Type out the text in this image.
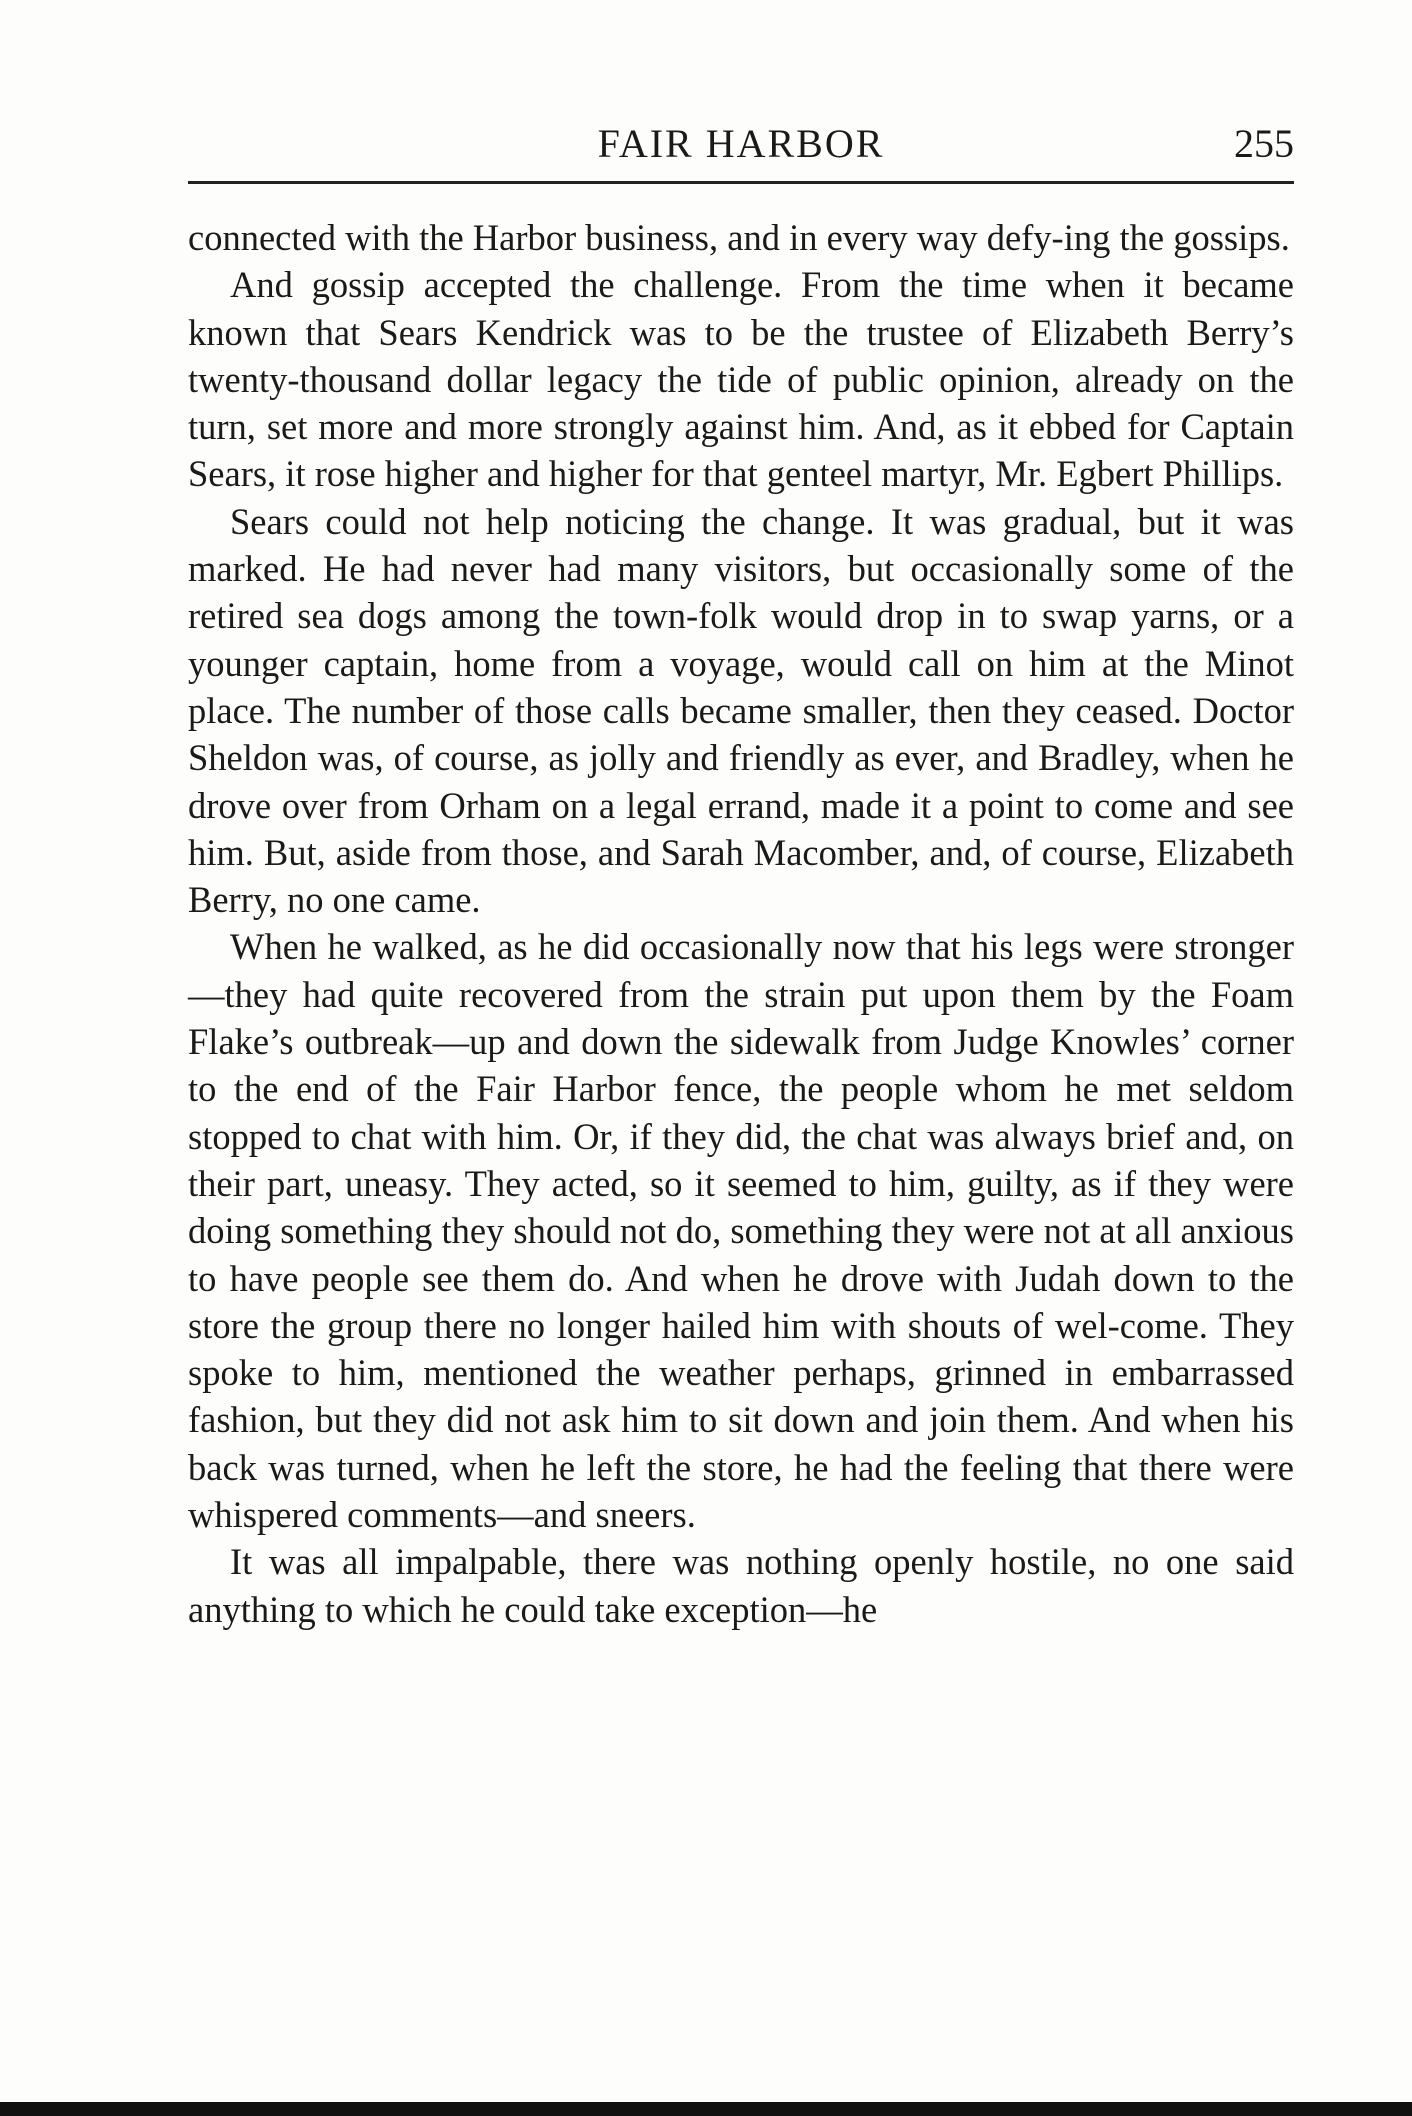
FAIR HARBOR	255

connected with the Harbor business, and in every way defy-ing the gossips.

And gossip accepted the challenge. From the time when it became known that Sears Kendrick was to be the trustee of Elizabeth Berry’s twenty-thousand dollar legacy the tide of public opinion, already on the turn, set more and more strongly against him. And, as it ebbed for Captain Sears, it rose higher and higher for that genteel martyr, Mr. Egbert Phillips.

Sears could not help noticing the change. It was gradual, but it was marked. He had never had many visitors, but occasionally some of the retired sea dogs among the town-folk would drop in to swap yarns, or a younger captain, home from a voyage, would call on him at the Minot place. The number of those calls became smaller, then they ceased. Doctor Sheldon was, of course, as jolly and friendly as ever, and Bradley, when he drove over from Orham on a legal errand, made it a point to come and see him. But, aside from those, and Sarah Macomber, and, of course, Elizabeth Berry, no one came.

When he walked, as he did occasionally now that his legs were stronger—they had quite recovered from the strain put upon them by the Foam Flake’s outbreak—up and down the sidewalk from Judge Knowles’ corner to the end of the Fair Harbor fence, the people whom he met seldom stopped to chat with him. Or, if they did, the chat was always brief and, on their part, uneasy. They acted, so it seemed to him, guilty, as if they were doing something they should not do, something they were not at all anxious to have people see them do. And when he drove with Judah down to the store the group there no longer hailed him with shouts of wel-come. They spoke to him, mentioned the weather perhaps, grinned in embarrassed fashion, but they did not ask him to sit down and join them. And when his back was turned, when he left the store, he had the feeling that there were whispered comments—and sneers.

It was all impalpable, there was nothing openly hostile, no one said anything to which he could take exception—he
